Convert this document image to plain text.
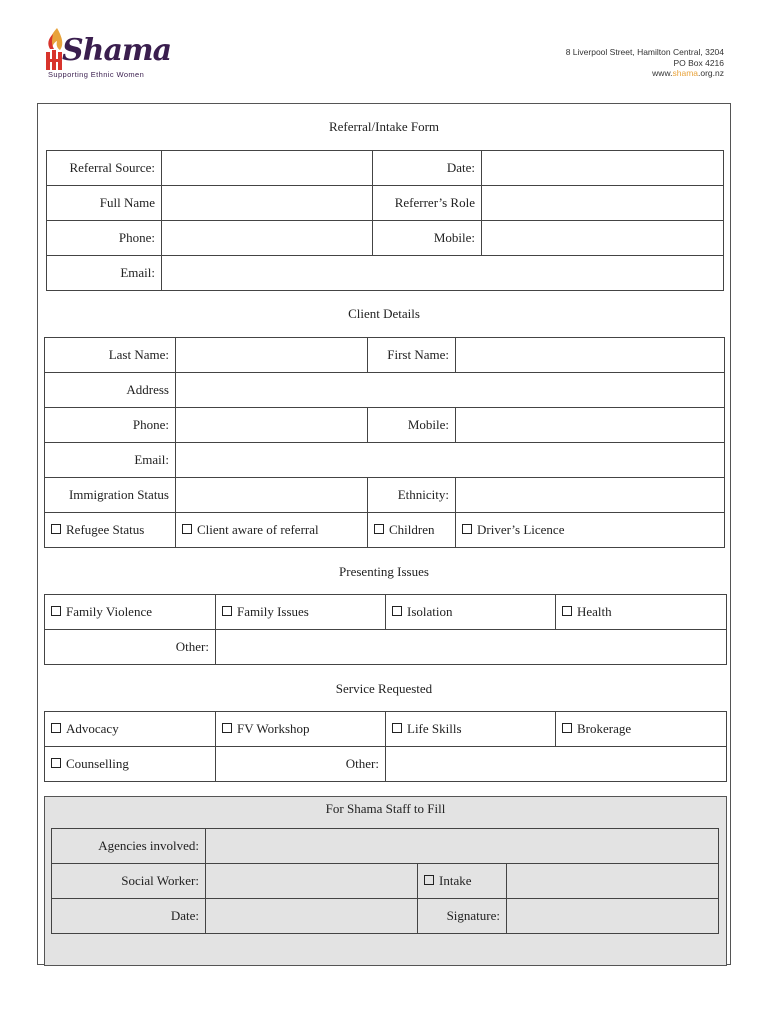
Shama
Supporting Ethnic Women
8 Liverpool Street, Hamilton Central, 3204
PO Box 4216
www.shama.org.nz
Referral/Intake Form
Referral Source:		Date:	
Full Name		Referrer’s Role	
Phone:		Mobile:	
Email:			
Client Details
Last Name:		First Name:	
Address			
Phone:		Mobile:	
Email:			
Immigration Status		Ethnicity:	
Refugee Status	Client aware of referral	Children	Driver’s Licence
Presenting Issues
Family Violence	Family Issues	Isolation	Health
Other:			
Service Requested
Advocacy	FV Workshop	Life Skills	Brokerage
Counselling	Other:		
For Shama Staff to Fill
Agencies involved:			
Social Worker:		Intake	
Date:		Signature:	
